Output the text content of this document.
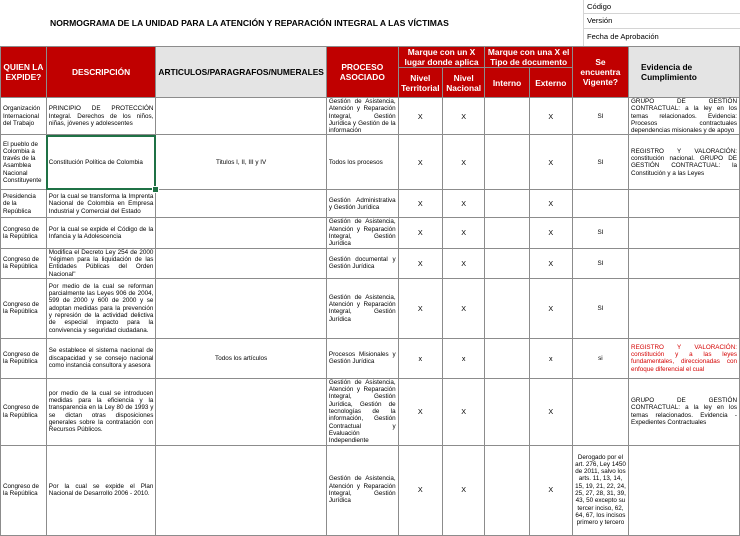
NORMOGRAMA DE LA UNIDAD PARA LA ATENCIÓN Y REPARACIÓN INTEGRAL A LAS VÍCTIMAS
Código
Versión
Fecha de Aprobación
QUIEN LA EXPIDE?	DESCRIPCIÓN	ARTICULOS/PARAGRAFOS/NUMERALES	PROCESO ASOCIADO	Marque con un X lugar donde aplica		Marque con una X el Tipo de documento		Se encuentra Vigente?	Evidencia de Cumplimiento
				Nivel Territorial	Nivel Nacional	Interno	Externo		
Organización Internacional del Trabajo	PRINCIPIO DE PROTECCIÓN Integral. Derechos de los niños, niñas, jóvenes y adolescentes		Gestión de Asistencia, Atención y Reparación Integral, Gestión Jurídica y Gestión de la información	X	X		X	SI	GRUPO DE GESTIÓN CONTRACTUAL: a la ley en los temas relacionados. Evidencia: Procesos contractuales dependencias misionales y de apoyo
El pueblo de Colombia a través de la Asamblea Nacional Constituyente	Constitución Política de Colombia	Titulos I, II, III y IV	Todos los procesos	X	X		X	SI	REGISTRO Y VALORACIÓN: constitución nacional. GRUPO DE GESTIÓN CONTRACTUAL: la Constitución y a las Leyes
Presidencia de la República	Por la cual se transforma la Imprenta Nacional de Colombia en Empresa Industrial y Comercial del Estado		Gestión Administrativa y Gestión Jurídica	X	X		X		
Congreso de la República	Por la cual se expide el Código de la Infancia y la Adolescencia		Gestión de Asistencia, Atención y Reparación Integral, Gestión Jurídica	X	X		X	SI	
Congreso de la República	Modifica el Decreto Ley 254 de 2000 "régimen para la liquidación de las Entidades Públicas del Orden Nacional"		Gestión documental y Gestión Jurídica	X	X		X	SI	
Congreso de la República	Por medio de la cual se reforman parcialmente las Leyes 906 de 2004, 599 de 2000 y 600 de 2000 y se adoptan medidas para la prevención y represión de la actividad delictiva de especial impacto para la convivencia y seguridad ciudadana.		Gestión de Asistencia, Atención y Reparación Integral, Gestión Jurídica	X	X		X	SI	
Congreso de la República	Se establece el sistema nacional de discapacidad y se consejo nacional como instancia consultora y asesora	Todos los artículos	Procesos Misionales y Gestión Jurídica	x	x		x	si	REGISTRO Y VALORACIÓN: constitución y a las leyes fundamentales, direccionadas con enfoque diferencial el cual
Congreso de la República	por medio de la cual se introducen medidas para la eficiencia y la transparencia en la Ley 80 de 1993 y se dictan otras disposiciones generales sobre la contratación con Recursos Públicos.		Gestión de Asistencia, Atención y Reparación Integral, Gestión Jurídica, Gestión de tecnologías de la información, Gestión Contractual y Evaluación Independiente	X	X		X		GRUPO DE GESTIÓN CONTRACTUAL: a la ley en los temas relacionados. Evidencia -Expedientes Contractuales
Congreso de la República	Por la cual se expide el Plan Nacional de Desarrollo 2006 - 2010.		Gestión de Asistencia, Atención y Reparación Integral, Gestión Jurídica	X	X		X	Derogado por el art. 276, Ley 1450 de 2011, salvo los arts. 11, 13, 14, 15, 19, 21, 22, 24, 25, 27, 28, 31, 39, 43, 50 excepto su tercer inciso, 62, 64, 67, los incisos primero y tercero	
